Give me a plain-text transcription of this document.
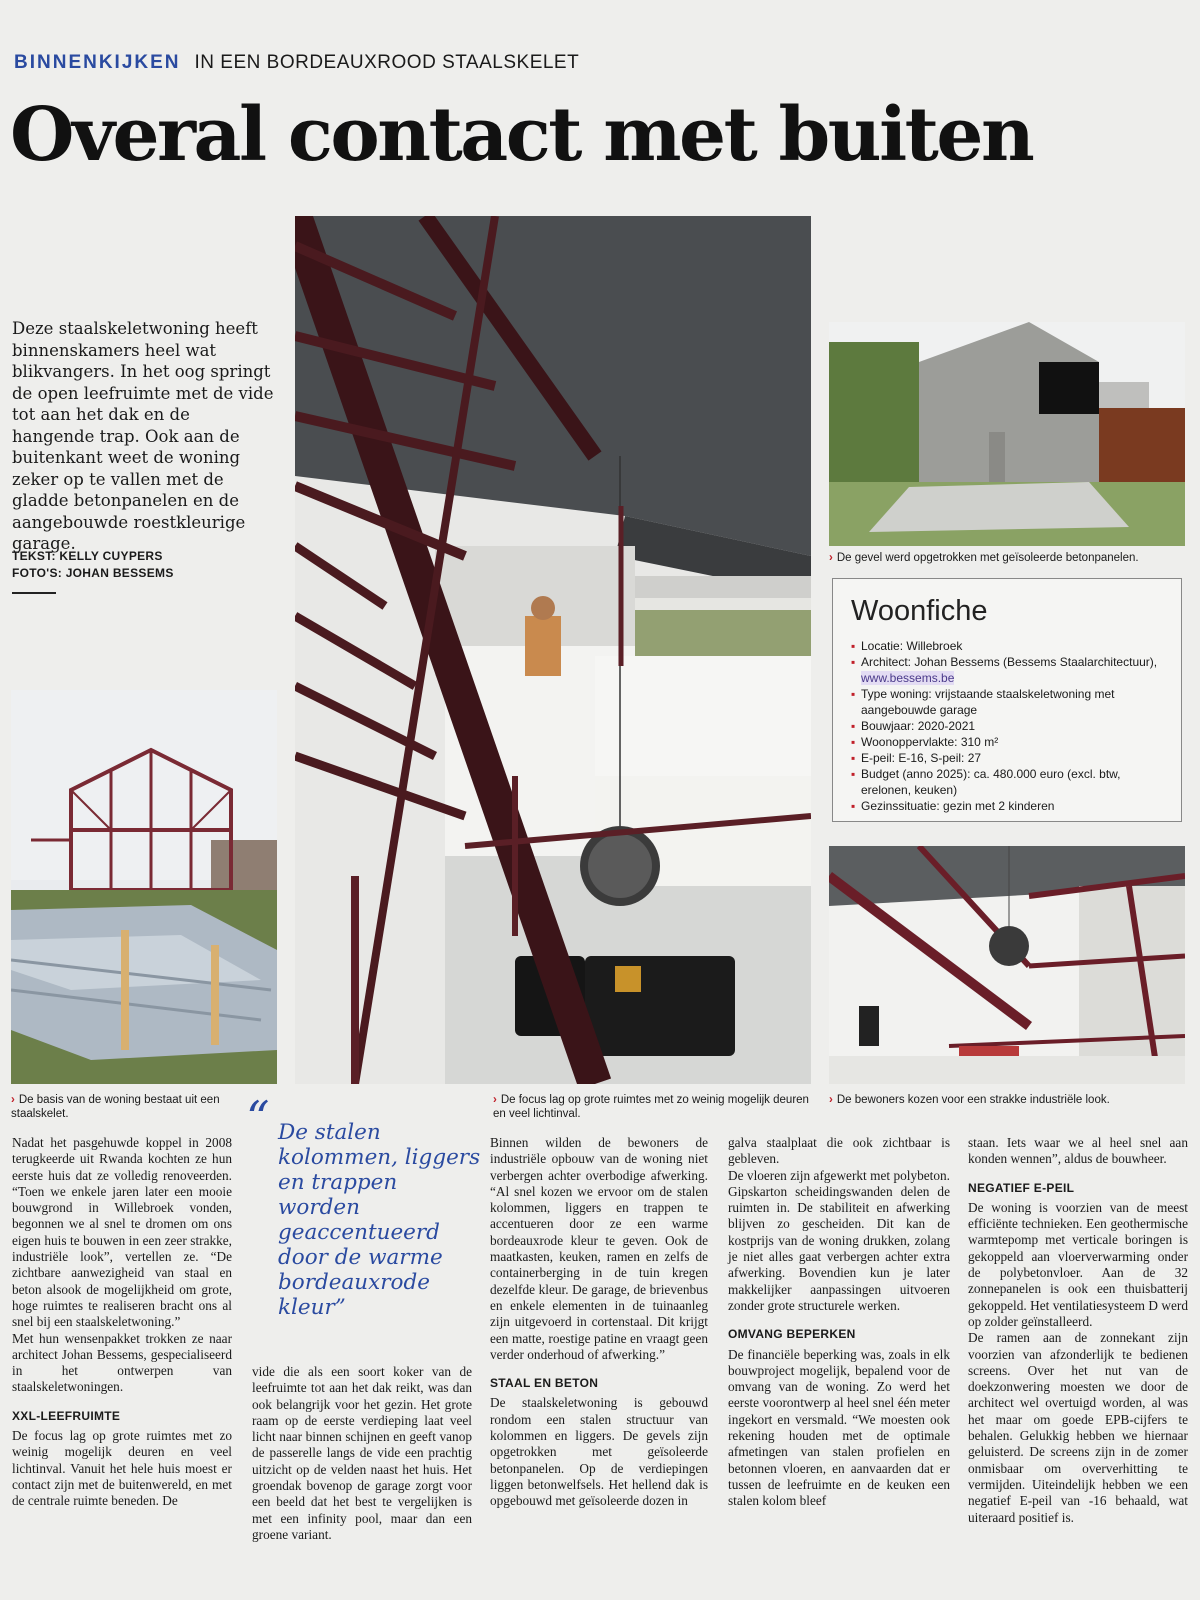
BINNENKIJKEN IN EEN BORDEAUXROOD STAALSKELET
Overal contact met buiten
Deze staalskeletwoning heeft binnenskamers heel wat blikvangers. In het oog springt de open leefruimte met de vide tot aan het dak en de hangende trap. Ook aan de buitenkant weet de woning zeker op te vallen met de gladde betonpanelen en de aangebouwde roestkleurige garage.
TEKST: KELLY CUYPERS
FOTO'S: JOHAN BESSEMS
› De gevel werd opgetrokken met geïsoleerde betonpanelen.
Woonfiche
▪ Locatie: Willebroek
▪ Architect: Johan Bessems (Bessems Staalarchitectuur),
www.bessems.be
▪ Type woning: vrijstaande staalskeletwoning met aangebouwde garage
▪ Bouwjaar: 2020-2021
▪ Woonoppervlakte: 310 m²
▪ E-peil: E-16, S-peil: 27
▪ Budget (anno 2025): ca. 480.000 euro (excl. btw, erelonen, keuken)
▪ Gezinssituatie: gezin met 2 kinderen
› De basis van de woning bestaat uit een staalskelet.
› De focus lag op grote ruimtes met zo weinig mogelijk deuren en veel lichtinval.
› De bewoners kozen voor een strakke industriële look.

Nadat het pasgehuwde koppel in 2008 terugkeerde uit Rwanda kochten ze hun eerste huis dat ze volledig renoveerden. “Toen we enkele jaren later een mooie bouwgrond in Willebroek vonden, begonnen we al snel te dromen om ons eigen huis te bouwen in een zeer strakke, industriële look”, vertellen ze. “De zichtbare aanwezigheid van staal en beton alsook de mogelijkheid om grote, hoge ruimtes te realiseren bracht ons al snel bij een staalskeletwoning.”

Met hun wensenpakket trokken ze naar architect Johan Bessems, gespecialiseerd in het ontwerpen van staalskeletwoningen.

XXL-LEEFRUIMTE

De focus lag op grote ruimtes met zo weinig mogelijk deuren en veel lichtinval. Vanuit het hele huis moest er contact zijn met de buitenwereld, en met de centrale ruimte beneden. De

“ De stalen kolommen, liggers en trappen worden geaccentueerd door de warme bordeauxrode kleur”

vide die als een soort koker van de leefruimte tot aan het dak reikt, was dan ook belangrijk voor het gezin. Het grote raam op de eerste verdieping laat veel licht naar binnen schijnen en geeft vanop de passerelle langs de vide een prachtig uitzicht op de velden naast het huis. Het groendak bovenop de garage zorgt voor een beeld dat het best te vergelijken is met een infinity pool, maar dan een groene variant.

Binnen wilden de bewoners de industriële opbouw van de woning niet verbergen achter overbodige afwerking. “Al snel kozen we ervoor om de stalen kolommen, liggers en trappen te accentueren door ze een warme bordeauxrode kleur te geven. Ook de maatkasten, keuken, ramen en zelfs de containerberging in de tuin kregen dezelfde kleur. De garage, de brievenbus en enkele elementen in de tuinaanleg zijn uitgevoerd in cortenstaal. Dit krijgt een matte, roestige patine en vraagt geen verder onderhoud of afwerking.”

STAAL EN BETON

De staalskeletwoning is gebouwd rondom een stalen structuur van kolommen en liggers. De gevels zijn opgetrokken met geïsoleerde betonpanelen. Op de verdiepingen liggen betonwelfsels. Het hellend dak is opgebouwd met geïsoleerde dozen in

galva staalplaat die ook zichtbaar is gebleven.

De vloeren zijn afgewerkt met polybeton. Gipskarton scheidingswanden delen de ruimten in. De stabiliteit en afwerking blijven zo gescheiden. Dit kan de kostprijs van de woning drukken, zolang je niet alles gaat verbergen achter extra afwerking. Bovendien kun je later makkelijker aanpassingen uitvoeren zonder grote structurele werken.

OMVANG BEPERKEN

De financiële beperking was, zoals in elk bouwproject mogelijk, bepalend voor de omvang van de woning. Zo werd het eerste voorontwerp al heel snel één meter ingekort en versmald. “We moesten ook rekening houden met de optimale afmetingen van stalen profielen en betonnen vloeren, en aanvaarden dat er tussen de leefruimte en de keuken een stalen kolom bleef

staan. Iets waar we al heel snel aan konden wennen”, aldus de bouwheer.

NEGATIEF E-PEIL

De woning is voorzien van de meest efficiënte technieken. Een geothermische warmtepomp met verticale boringen is gekoppeld aan vloerverwarming onder de polybetonvloer. Aan de 32 zonnepanelen is ook een thuisbatterij gekoppeld. Het ventilatiesysteem D werd op zolder geïnstalleerd.

De ramen aan de zonnekant zijn voorzien van afzonderlijk te bedienen screens. Over het nut van de doekzonwering moesten we door de architect wel overtuigd worden, al was het maar om goede EPB-cijfers te behalen. Gelukkig hebben we hiernaar geluisterd. De screens zijn in de zomer onmisbaar om oververhitting te vermijden. Uiteindelijk hebben we een negatief E-peil van -16 behaald, wat uiteraard positief is.
